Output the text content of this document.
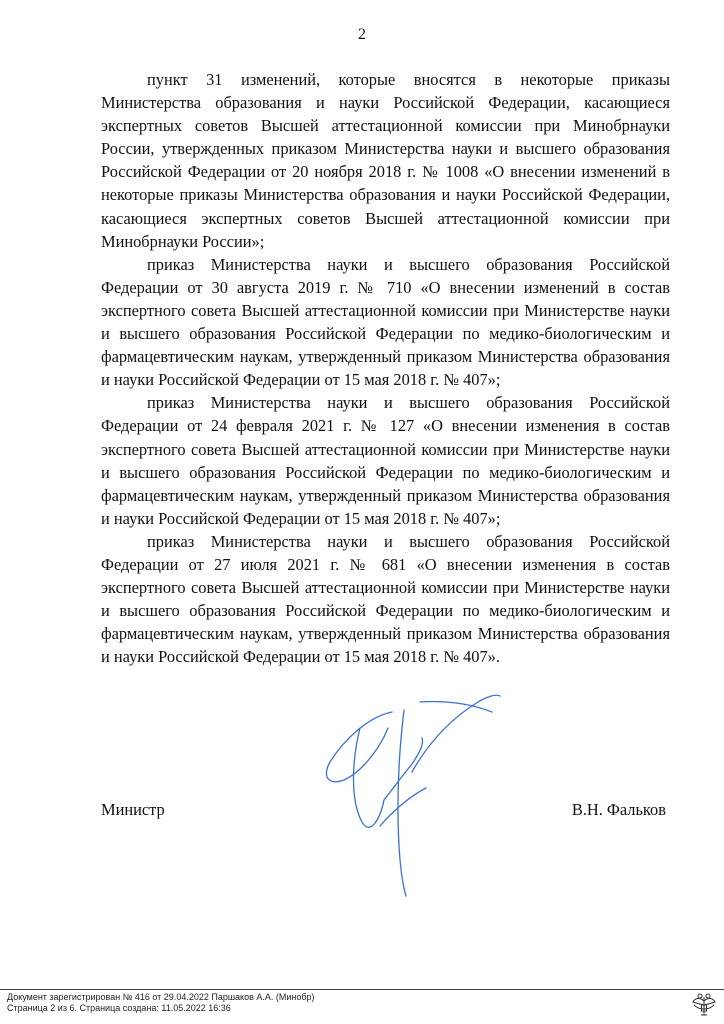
2

пункт 31 изменений, которые вносятся в некоторые приказы Министерства образования и науки Российской Федерации, касающиеся экспертных советов Высшей аттестационной комиссии при Минобрнауки России, утвержденных приказом Министерства науки и высшего образования Российской Федерации от 20 ноября 2018 г. № 1008 «О внесении изменений в некоторые приказы Министерства образования и науки Российской Федерации, касающиеся экспертных советов Высшей аттестационной комиссии при Минобрнауки России»;

приказ Министерства науки и высшего образования Российской Федерации от 30 августа 2019 г. № 710 «О внесении изменений в состав экспертного совета Высшей аттестационной комиссии при Министерстве науки и высшего образования Российской Федерации по медико-биологическим и фармацевтическим наукам, утвержденный приказом Министерства образования и науки Российской Федерации от 15 мая 2018 г. № 407»;

приказ Министерства науки и высшего образования Российской Федерации от 24 февраля 2021 г. № 127 «О внесении изменения в состав экспертного совета Высшей аттестационной комиссии при Министерстве науки и высшего образования Российской Федерации по медико-биологическим и фармацевтическим наукам, утвержденный приказом Министерства образования и науки Российской Федерации от 15 мая 2018 г. № 407»;

приказ Министерства науки и высшего образования Российской Федерации от 27 июля 2021 г. № 681 «О внесении изменения в состав экспертного совета Высшей аттестационной комиссии при Министерстве науки и высшего образования Российской Федерации по медико-биологическим и фармацевтическим наукам, утвержденный приказом Министерства образования и науки Российской Федерации от 15 мая 2018 г. № 407».

Министр	В.Н. Фальков
Документ зарегистрирован № 416 от 29.04.2022 Паршаков А.А. (Минобр)
Страница 2 из 6. Страница создана: 11.05.2022 16:36
